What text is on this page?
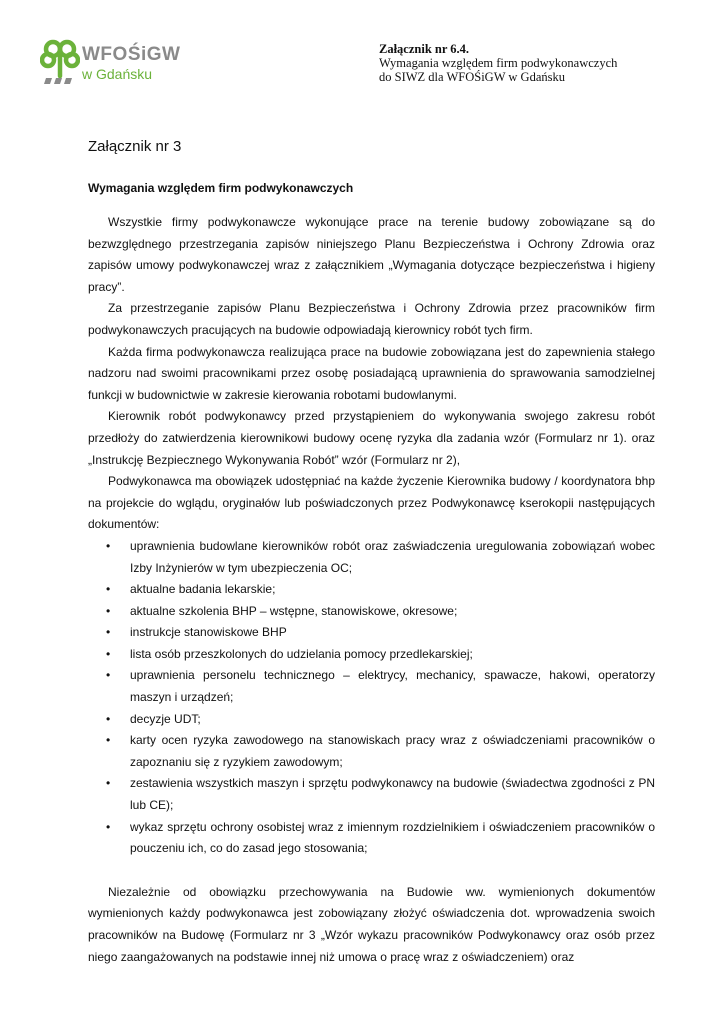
WFOŚiGW
w Gdańsku
Załącznik nr 6.4.
Wymagania względem firm podwykonawczych
do SIWZ dla WFOŚiGW w Gdańsku
Załącznik nr 3
Wymagania względem firm podwykonawczych

Wszystkie firmy podwykonawcze wykonujące prace na terenie budowy zobowiązane są do bezwzględnego przestrzegania zapisów niniejszego Planu Bezpieczeństwa i Ochrony Zdrowia oraz zapisów umowy podwykonawczej wraz z załącznikiem „Wymagania dotyczące bezpieczeństwa i higieny pracy”.

Za przestrzeganie zapisów Planu Bezpieczeństwa i Ochrony Zdrowia przez pracowników firm podwykonawczych pracujących na budowie odpowiadają kierownicy robót tych firm.

Każda firma podwykonawcza realizująca prace na budowie zobowiązana jest do zapewnienia stałego nadzoru nad swoimi pracownikami przez osobę posiadającą uprawnienia do sprawowania samodzielnej funkcji w budownictwie w zakresie kierowania robotami budowlanymi.

Kierownik robót podwykonawcy przed przystąpieniem do wykonywania swojego zakresu robót przedłoży do zatwierdzenia kierownikowi budowy ocenę ryzyka dla zadania wzór (Formularz nr 1). oraz „Instrukcję Bezpiecznego Wykonywania Robót” wzór (Formularz nr 2),

Podwykonawca ma obowiązek udostępniać na każde życzenie Kierownika budowy / koordynatora bhp na projekcie do wglądu, oryginałów lub poświadczonych przez Podwykonawcę kserokopii następujących dokumentów:

• uprawnienia budowlane kierowników robót oraz zaświadczenia uregulowania zobowiązań wobec Izby Inżynierów w tym ubezpieczenia OC;
• aktualne badania lekarskie;
• aktualne szkolenia BHP – wstępne, stanowiskowe, okresowe;
• instrukcje stanowiskowe BHP
• lista osób przeszkolonych do udzielania pomocy przedlekarskiej;
• uprawnienia personelu technicznego – elektrycy, mechanicy, spawacze, hakowi, operatorzy maszyn i urządzeń;
• decyzje UDT;
• karty ocen ryzyka zawodowego na stanowiskach pracy wraz z oświadczeniami pracowników o zapoznaniu się z ryzykiem zawodowym;
• zestawienia wszystkich maszyn i sprzętu podwykonawcy na budowie (świadectwa zgodności z PN lub CE);
• wykaz sprzętu ochrony osobistej wraz z imiennym rozdzielnikiem i oświadczeniem pracowników o pouczeniu ich, co do zasad jego stosowania;

Niezależnie od obowiązku przechowywania na Budowie ww. wymienionych dokumentów wymienionych każdy podwykonawca jest zobowiązany złożyć oświadczenia dot. wprowadzenia swoich pracowników na Budowę (Formularz nr 3 „Wzór wykazu pracowników Podwykonawcy oraz osób przez niego zaangażowanych na podstawie innej niż umowa o pracę wraz z oświadczeniem) oraz
